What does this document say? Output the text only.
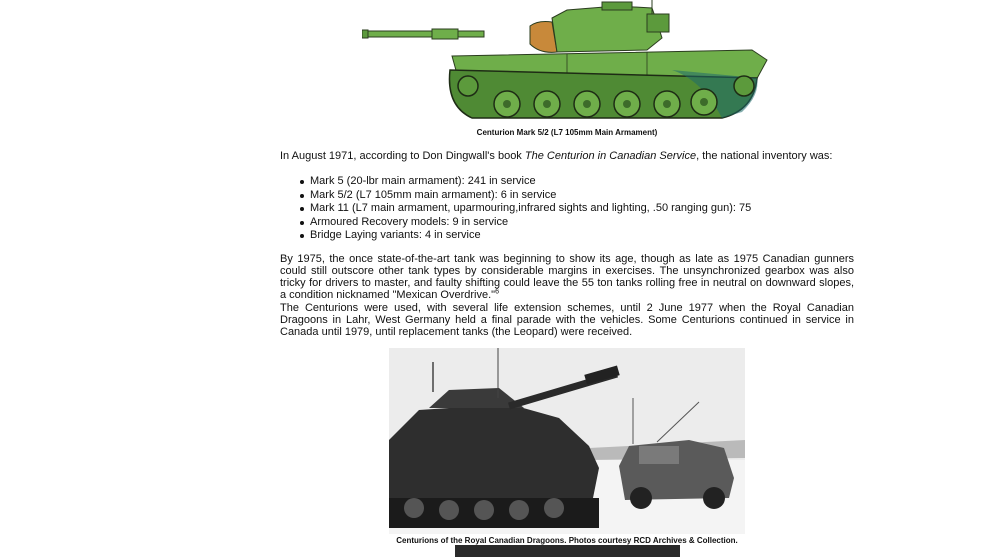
Centurion Mark 5/2 (L7 105mm Main Armament)

In August 1971, according to Don Dingwall's book The Centurion in Canadian Service, the national inventory was:

Mark 5 (20-lbr main armament): 241 in service
Mark 5/2 (L7 105mm main armament): 6 in service
Mark 11 (L7 main armament, uparmouring,infrared sights and lighting, .50 ranging gun): 75
Armoured Recovery models: 9 in service
Bridge Laying variants: 4 in service

By 1975, the once state-of-the-art tank was beginning to show its age, though as late as 1975 Canadian gunners could still outscore other tank types by considerable margins in exercises. The unsynchronized gearbox was also tricky for drivers to master, and faulty shifting could leave the 55 ton tanks rolling free in neutral on downward slopes, a condition nicknamed "Mexican Overdrive."$^6$

The Centurions were used, with several life extension schemes, until 2 June 1977 when the Royal Canadian Dragoons in Lahr, West Germany held a final parade with the vehicles. Some Centurions continued in service in Canada until 1979, until replacement tanks (the Leopard) were received.

Centurions of the Royal Canadian Dragoons. Photos courtesy RCD Archives & Collection.
